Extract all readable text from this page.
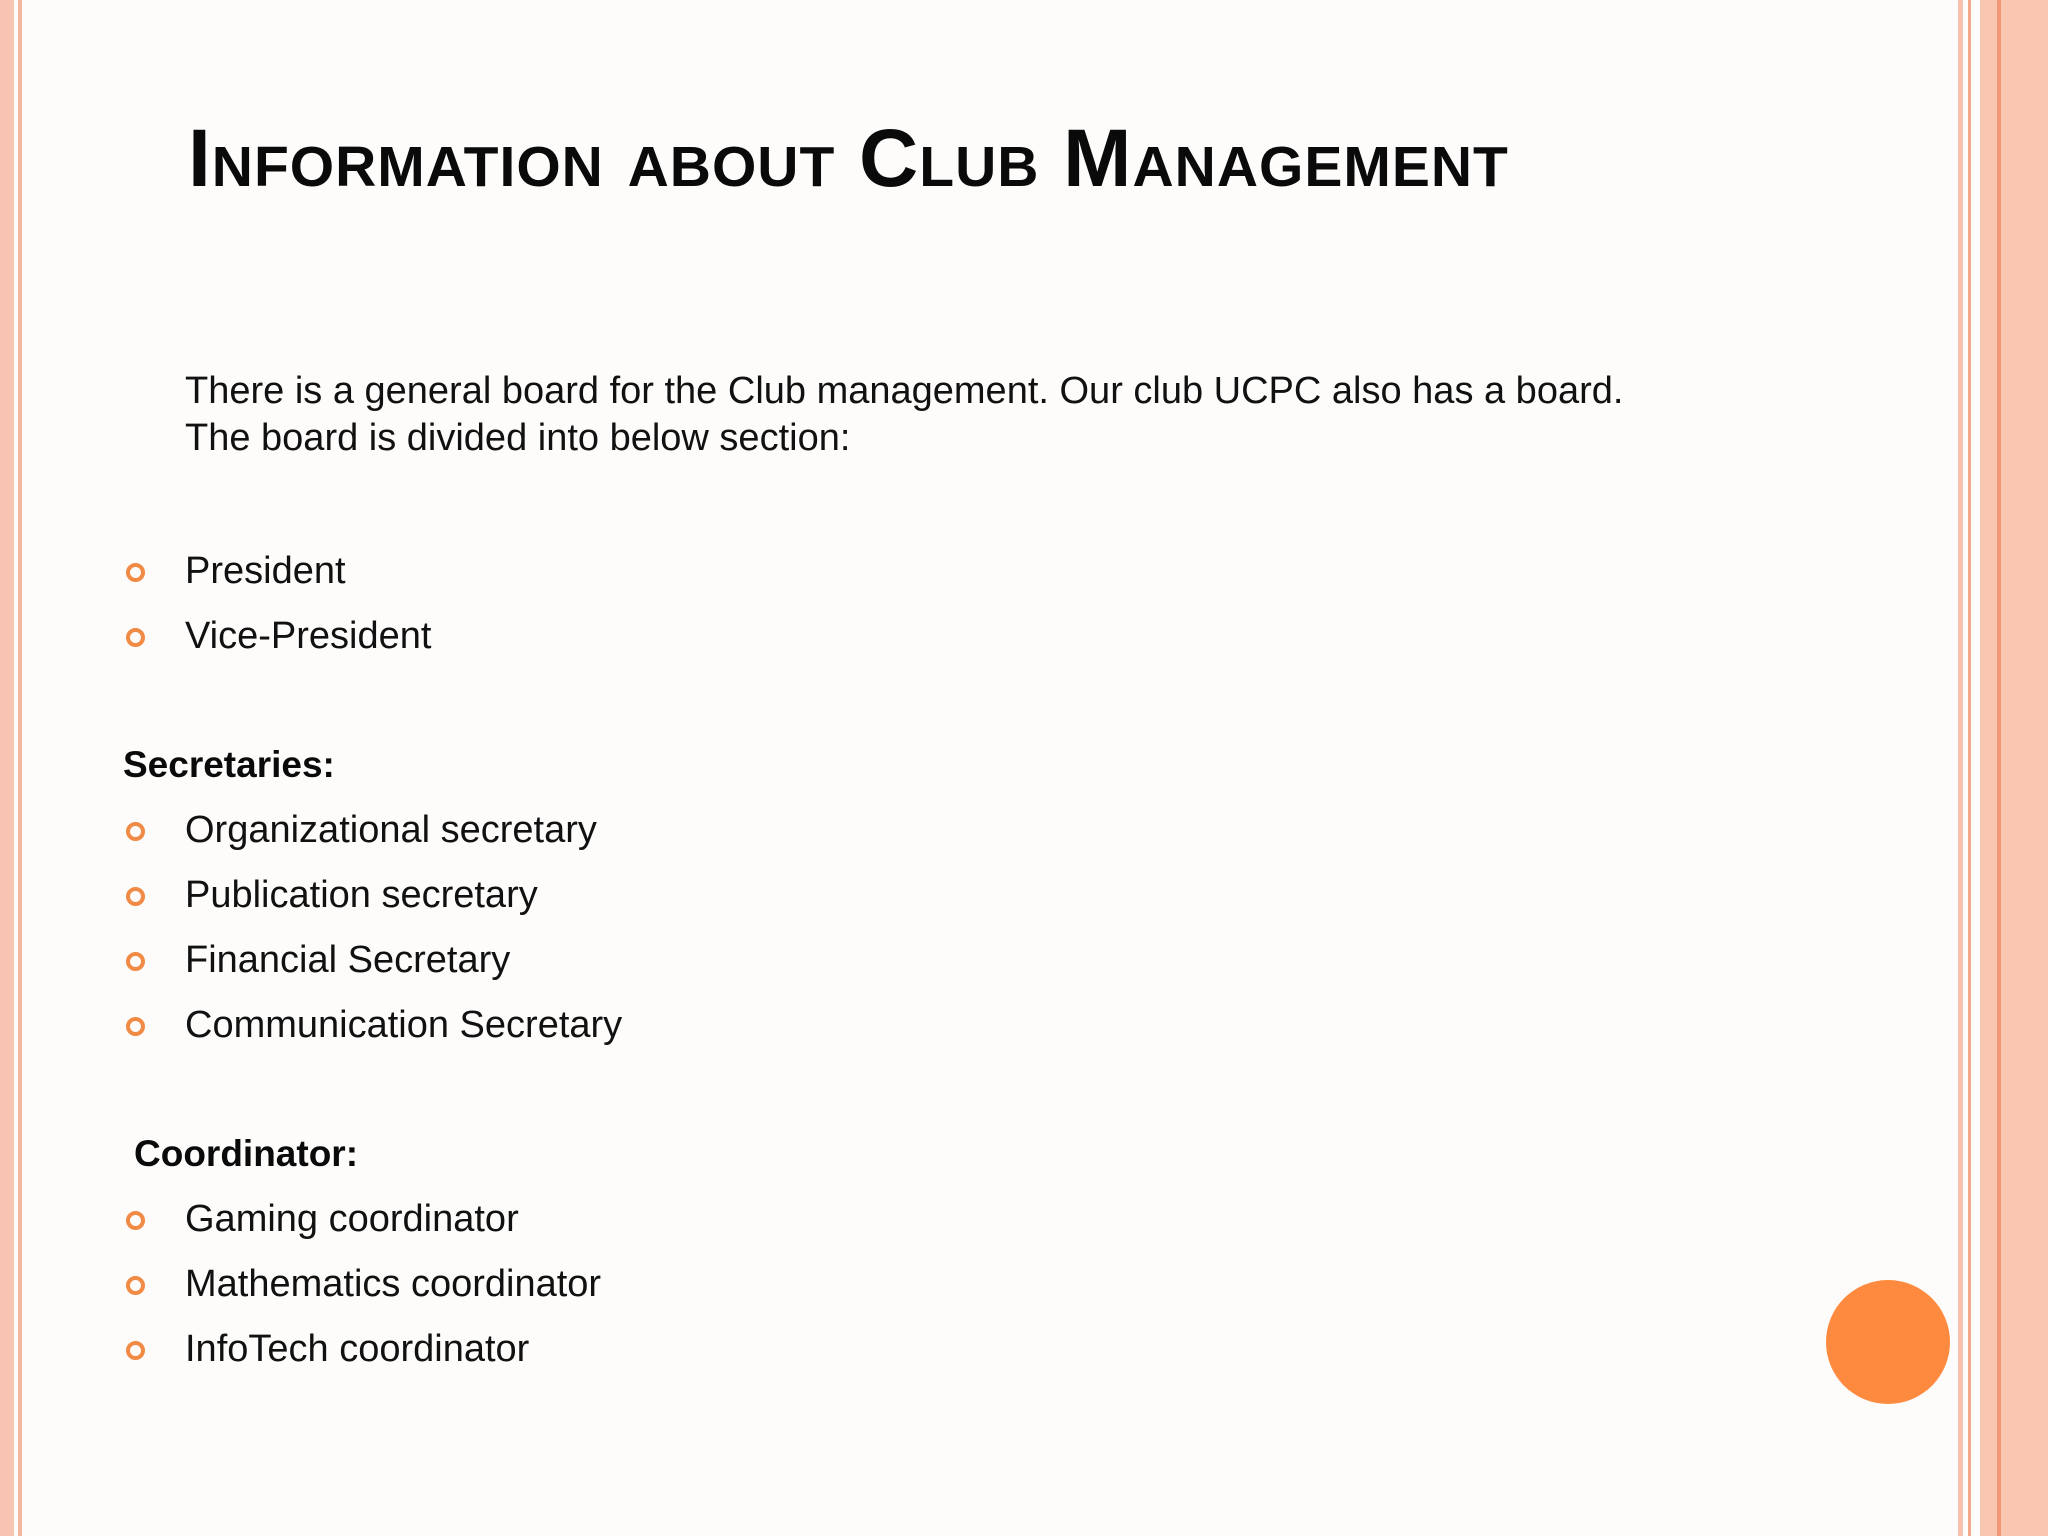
Information about Club Management

There is a general board for the Club management. Our club UCPC also has a board.
The board is divided into below section:

President
Vice-President
Secretaries:
Organizational secretary
Publication secretary
Financial Secretary
Communication Secretary
Coordinator:
Gaming coordinator
Mathematics coordinator
InfoTech coordinator
